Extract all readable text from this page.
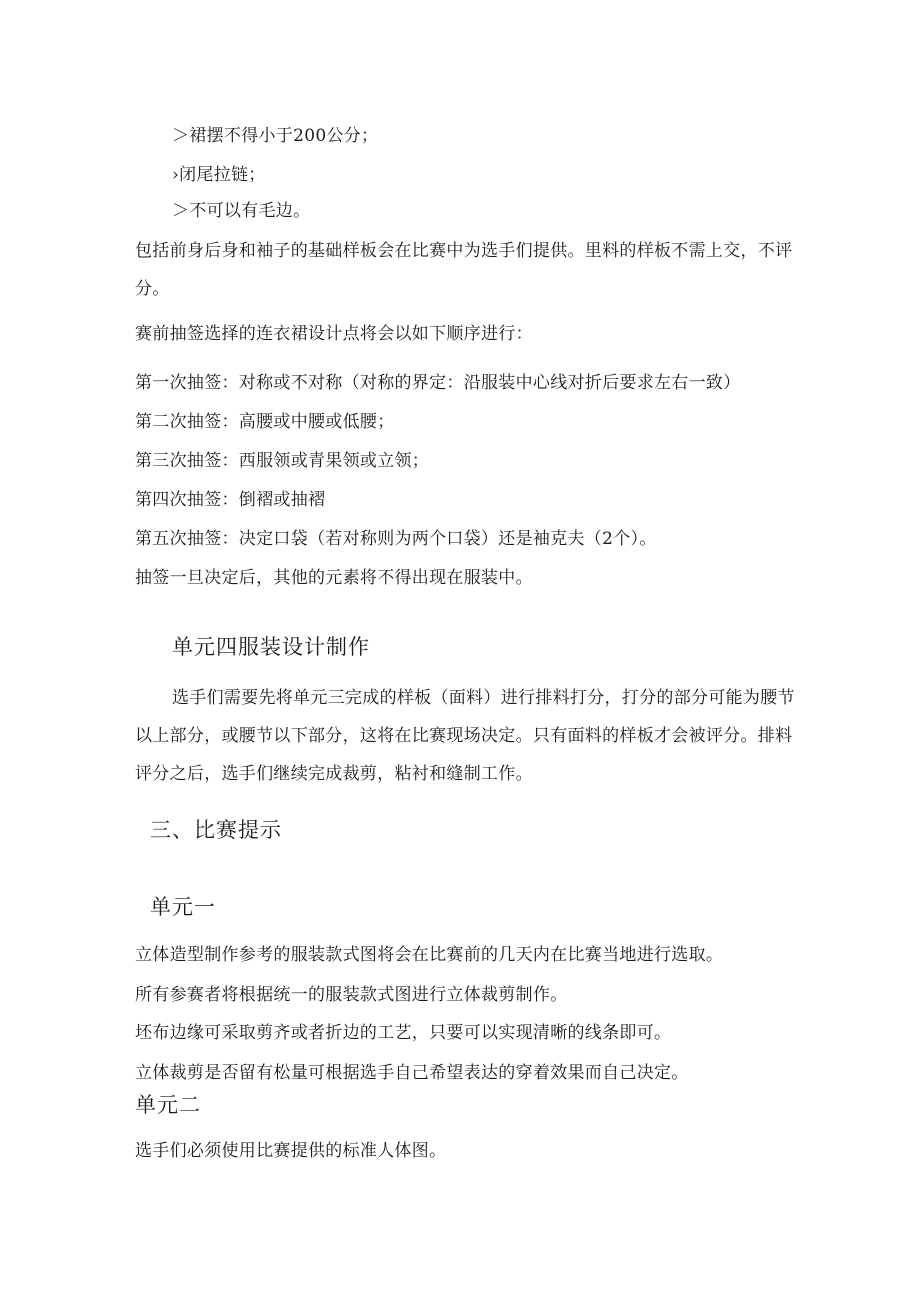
＞裙摆不得小于200公分；
›闭尾拉链；
＞不可以有毛边。
包括前身后身和袖子的基础样板会在比赛中为选手们提供。里料的样板不需上交，不评分。
赛前抽签选择的连衣裙设计点将会以如下顺序进行：
第一次抽签：对称或不对称（对称的界定：沿服装中心线对折后要求左右一致）
第二次抽签：高腰或中腰或低腰；
第三次抽签：西服领或青果领或立领；
第四次抽签：倒褶或抽褶
第五次抽签：决定口袋（若对称则为两个口袋）还是袖克夫（2个）。
抽签一旦决定后，其他的元素将不得出现在服装中。
单元四服装设计制作
选手们需要先将单元三完成的样板（面料）进行排料打分，打分的部分可能为腰节以上部分，或腰节以下部分，这将在比赛现场决定。只有面料的样板才会被评分。排料评分之后，选手们继续完成裁剪，粘衬和缝制工作。
三、比赛提示
单元一
立体造型制作参考的服装款式图将会在比赛前的几天内在比赛当地进行选取。
所有参赛者将根据统一的服装款式图进行立体裁剪制作。
坯布边缘可采取剪齐或者折边的工艺，只要可以实现清晰的线条即可。
立体裁剪是否留有松量可根据选手自己希望表达的穿着效果而自己决定。
单元二
选手们必须使用比赛提供的标准人体图。
